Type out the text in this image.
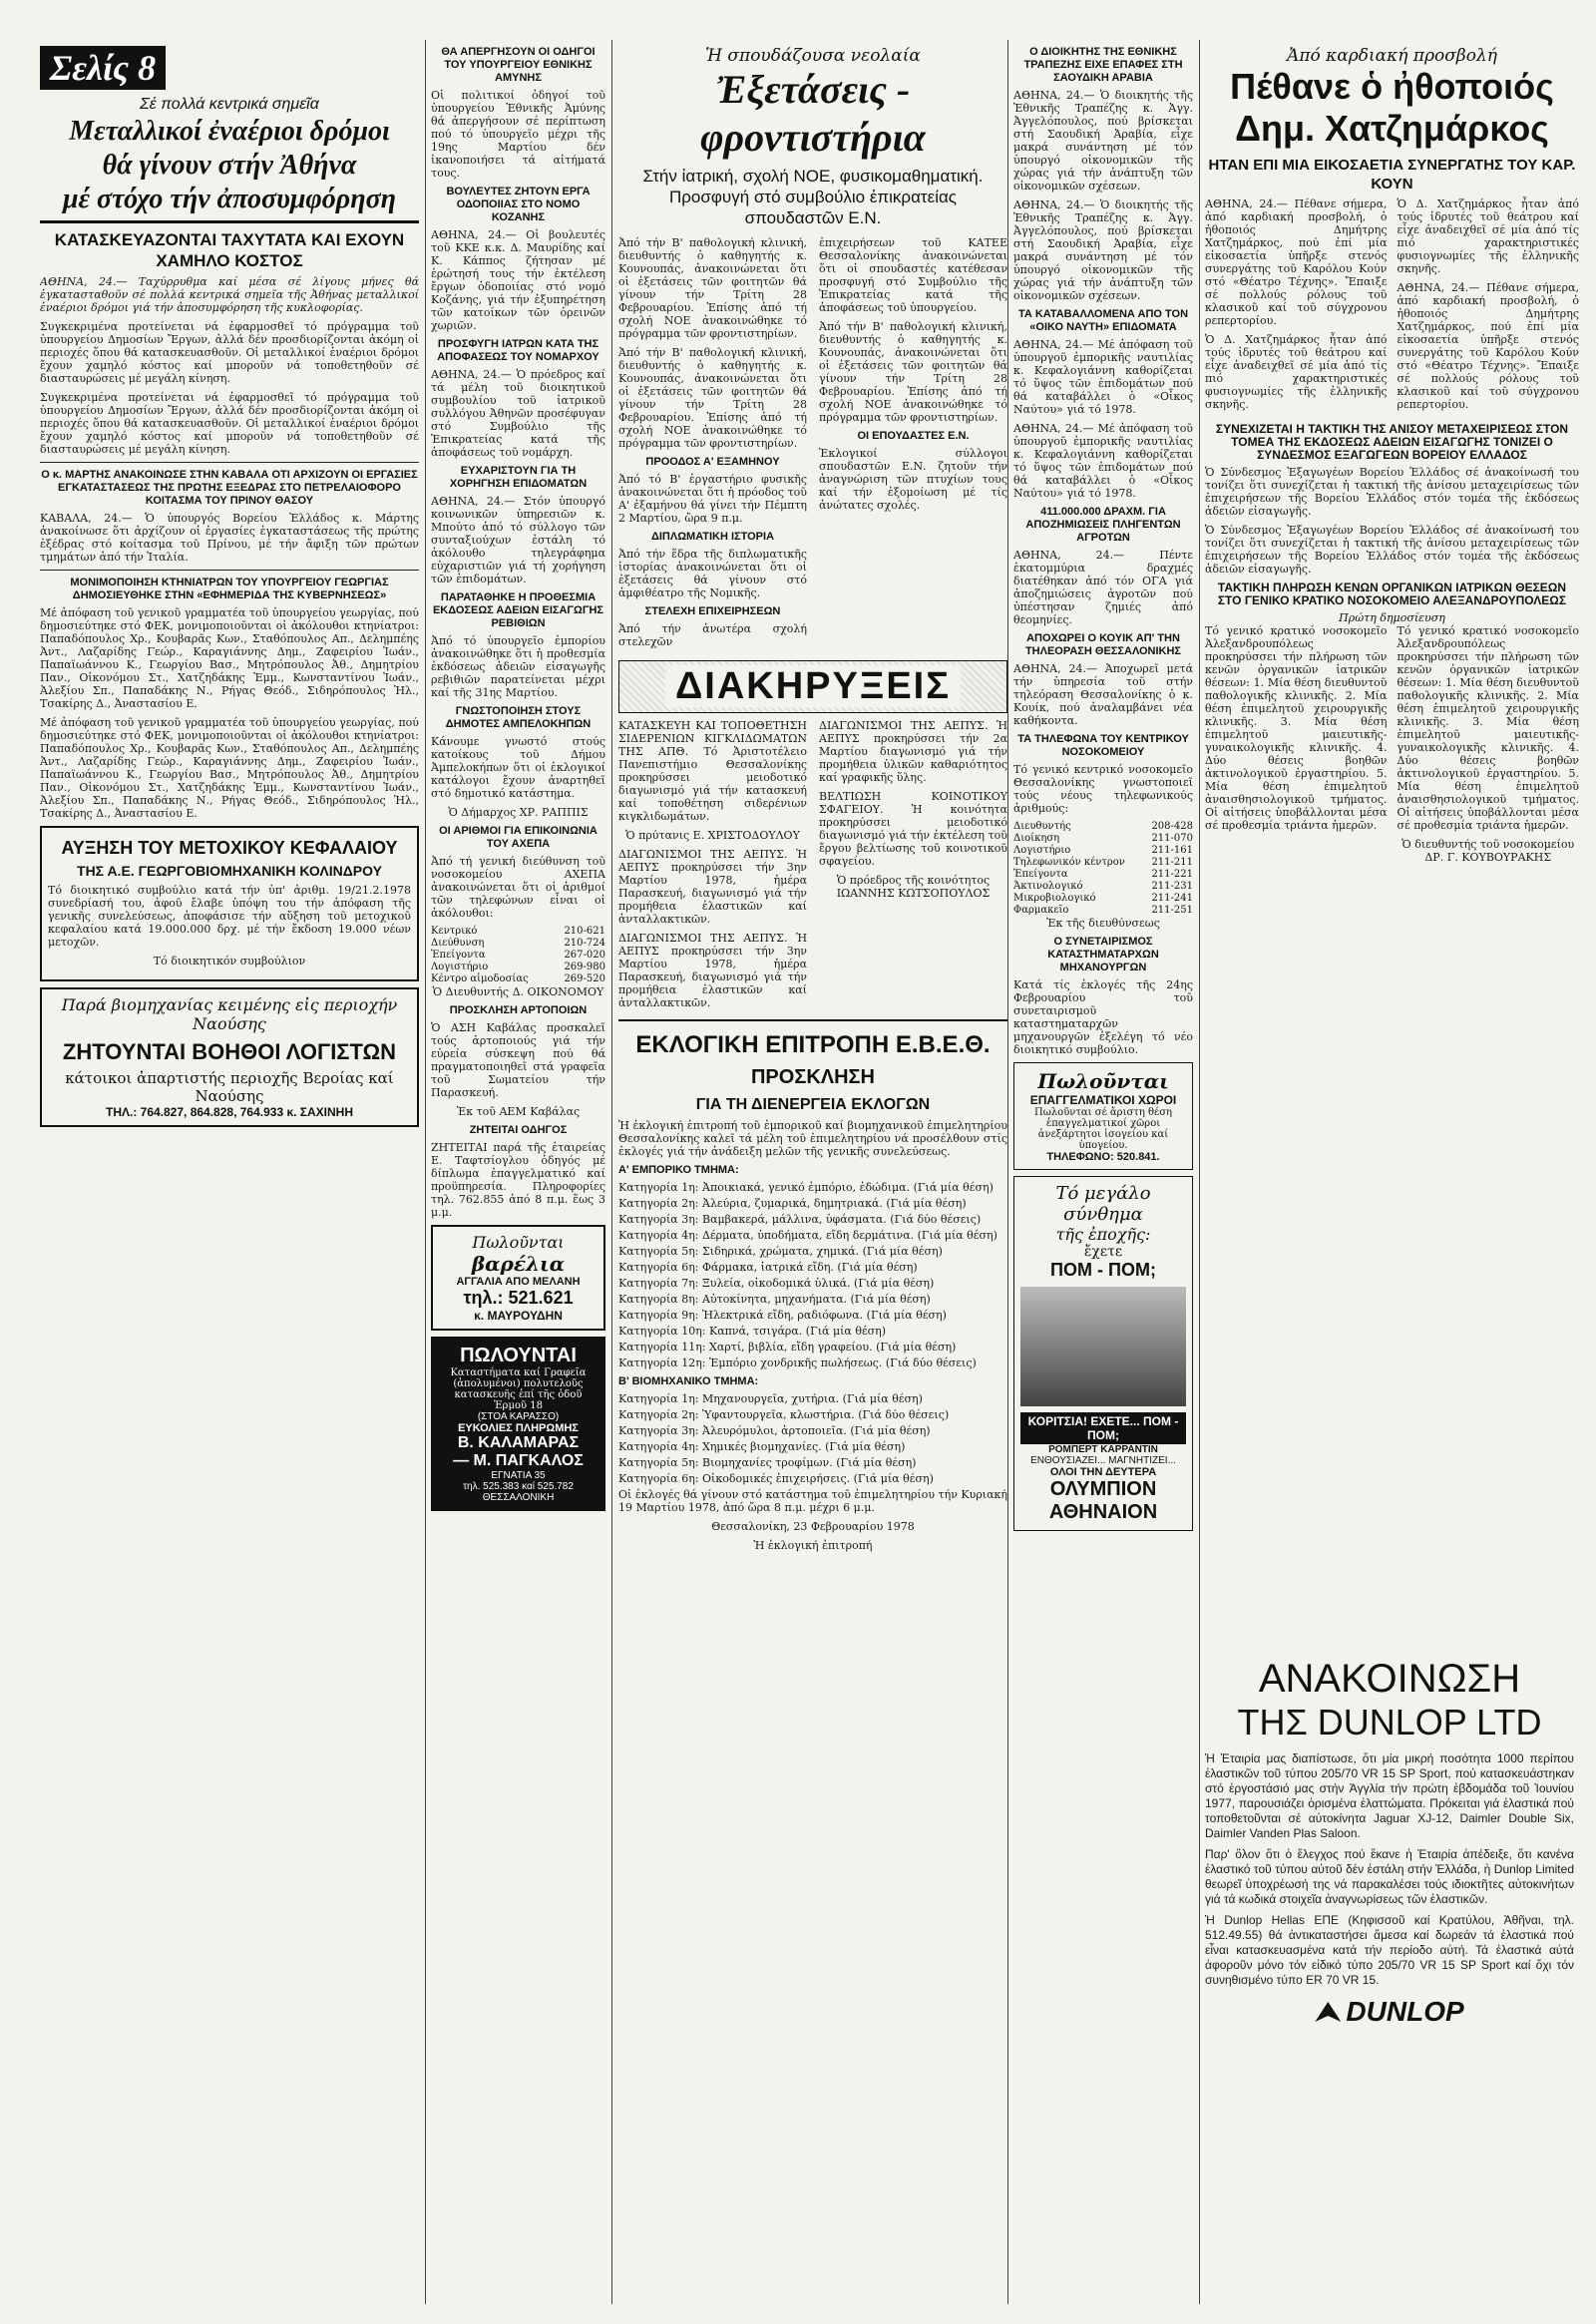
Σελίς 8
Σέ πολλά κεντρικά σημεῖα
Μεταλλικοί ἐναέριοι δρόμοι
θά γίνουν στήν Ἀθήνα
μέ στόχο τήν ἀποσυμφόρηση
ΚΑΤΑΣΚΕΥΑΖΟΝΤΑΙ ΤΑΧΥΤΑΤΑ ΚΑΙ ΕΧΟΥΝ ΧΑΜΗΛΟ ΚΟΣΤΟΣ

ΑΘΗΝΑ, 24.— Ταχύρρυθμα καί μέσα σέ λίγους μήνες θά ἐγκατασταθοῦν σέ πολλά κεντρικά σημεῖα τῆς Ἀθήνας μεταλλικοί ἐναέριοι δρόμοι γιά τήν ἀποσυμφόρηση τῆς κυκλοφορίας.

Συγκεκριμένα προτείνεται νά ἐφαρμοσθεῖ τό πρόγραμμα τοῦ ὑπουργείου Δημοσίων Ἔργων, ἀλλά δέν προσδιορίζονται ἀκόμη οἱ περιοχές ὅπου θά κατασκευασθοῦν. Οἱ μεταλλικοί ἐναέριοι δρόμοι ἔχουν χαμηλό κόστος καί μποροῦν νά τοποθετηθοῦν σέ διασταυρώσεις μέ μεγάλη κίνηση.

Συγκεκριμένα προτείνεται νά ἐφαρμοσθεῖ τό πρόγραμμα τοῦ ὑπουργείου Δημοσίων Ἔργων, ἀλλά δέν προσδιορίζονται ἀκόμη οἱ περιοχές ὅπου θά κατασκευασθοῦν. Οἱ μεταλλικοί ἐναέριοι δρόμοι ἔχουν χαμηλό κόστος καί μποροῦν νά τοποθετηθοῦν σέ διασταυρώσεις μέ μεγάλη κίνηση.

Ο κ. ΜΑΡΤΗΣ ΑΝΑΚΟΙΝΩΣΕ ΣΤΗΝ ΚΑΒΑΛΑ ΟΤΙ ΑΡΧΙΖΟΥΝ ΟΙ ΕΡΓΑΣΙΕΣ ΕΓΚΑΤΑΣΤΑΣΕΩΣ ΤΗΣ ΠΡΩΤΗΣ ΕΞΕΔΡΑΣ ΣΤΟ ΠΕΤΡΕΛΑΙΟΦΟΡΟ ΚΟΙΤΑΣΜΑ ΤΟΥ ΠΡΙΝΟΥ ΘΑΣΟΥ

ΚΑΒΑΛΑ, 24.— Ὁ ὑπουργός Βορείου Ἑλλάδος κ. Μάρτης ἀνακοίνωσε ὅτι ἀρχίζουν οἱ ἐργασίες ἐγκαταστάσεως τῆς πρώτης ἐξέδρας στό κοίτασμα τοῦ Πρίνου, μέ τήν ἄφιξη τῶν πρώτων τμημάτων ἀπό τήν Ἰταλία.

ΜΟΝΙΜΟΠΟΙΗΣΗ ΚΤΗΝΙΑΤΡΩΝ ΤΟΥ ΥΠΟΥΡΓΕΙΟΥ ΓΕΩΡΓΙΑΣ ΔΗΜΟΣΙΕΥΘΗΚΕ ΣΤΗΝ «ΕΦΗΜΕΡΙΔΑ ΤΗΣ ΚΥΒΕΡΝΗΣΕΩΣ»

Μέ ἀπόφαση τοῦ γενικοῦ γραμματέα τοῦ ὑπουργείου γεωργίας, πού δημοσιεύτηκε στό ΦΕΚ, μονιμοποιοῦνται οἱ ἀκόλουθοι κτηνίατροι: Παπαδόπουλος Χρ., Κουβαρᾶς Κων., Σταθόπουλος Απ., Δελημπέης Ἀντ., Λαζαρίδης Γεώρ., Καραγιάννης Δημ., Ζαφειρίου Ἰωάν., Παπαϊωάννου Κ., Γεωργίου Βασ., Μητρόπουλος Ἀθ., Δημητρίου Παν., Οἰκονόμου Στ., Χατζηδάκης Ἐμμ., Κωνσταντίνου Ἰωάν., Ἀλεξίου Σπ., Παπαδάκης Ν., Ρήγας Θεόδ., Σιδηρόπουλος Ἠλ., Τσακίρης Δ., Ἀναστασίου Ε.

Μέ ἀπόφαση τοῦ γενικοῦ γραμματέα τοῦ ὑπουργείου γεωργίας, πού δημοσιεύτηκε στό ΦΕΚ, μονιμοποιοῦνται οἱ ἀκόλουθοι κτηνίατροι: Παπαδόπουλος Χρ., Κουβαρᾶς Κων., Σταθόπουλος Απ., Δελημπέης Ἀντ., Λαζαρίδης Γεώρ., Καραγιάννης Δημ., Ζαφειρίου Ἰωάν., Παπαϊωάννου Κ., Γεωργίου Βασ., Μητρόπουλος Ἀθ., Δημητρίου Παν., Οἰκονόμου Στ., Χατζηδάκης Ἐμμ., Κωνσταντίνου Ἰωάν., Ἀλεξίου Σπ., Παπαδάκης Ν., Ρήγας Θεόδ., Σιδηρόπουλος Ἠλ., Τσακίρης Δ., Ἀναστασίου Ε.

ΑΥΞΗΣΗ ΤΟΥ ΜΕΤΟΧΙΚΟΥ ΚΕΦΑΛΑΙΟΥ
ΤΗΣ Α.Ε. ΓΕΩΡΓΟΒΙΟΜΗΧΑΝΙΚΗ ΚΟΛΙΝΔΡΟΥ

Τό διοικητικό συμβούλιο κατά τήν ὑπ' ἀριθμ. 19/21.2.1978 συνεδρίασή του, ἀφοῦ ἔλαβε ὑπόψη του τήν ἀπόφαση τῆς γενικῆς συνελεύσεως, ἀποφάσισε τήν αὔξηση τοῦ μετοχικοῦ κεφαλαίου κατά 19.000.000 δρχ. μέ τήν ἔκδοση 19.000 νέων μετοχῶν.

Τό διοικητικόν συμβούλιον

Παρά βιομηχανίας κειμένης εἰς περιοχήν Ναούσης
ΖΗΤΟΥΝΤΑΙ ΒΟΗΘΟΙ ΛΟΓΙΣΤΩΝ
κάτοικοι ἀπαρτιστής περιοχῆς Βεροίας καί Ναούσης
ΤΗΛ.: 764.827, 864.828, 764.933 κ. ΣΑΧΙΝΗΗ
ΘΑ ΑΠΕΡΓΗΣΟΥΝ ΟΙ ΟΔΗΓΟΙ ΤΟΥ ΥΠΟΥΡΓΕΙΟΥ ΕΘΝΙΚΗΣ ΑΜΥΝΗΣ

Οἱ πολιτικοί ὁδηγοί τοῦ ὑπουργείου Ἐθνικῆς Ἀμύνης θά ἀπεργήσουν σέ περίπτωση πού τό ὑπουργεῖο μέχρι τῆς 19ης Μαρτίου δέν ἱκανοποιήσει τά αἰτήματά τους.

ΒΟΥΛΕΥΤΕΣ ΖΗΤΟΥΝ ΕΡΓΑ ΟΔΟΠΟΙΙΑΣ ΣΤΟ ΝΟΜΟ ΚΟΖΑΝΗΣ

ΑΘΗΝΑ, 24.— Οἱ βουλευτές τοῦ ΚΚΕ κ.κ. Δ. Μαυρίδης καί Κ. Κάππος ζήτησαν μέ ἐρώτησή τους τήν ἐκτέλεση ἔργων ὁδοποιίας στό νομό Κοζάνης, γιά τήν ἐξυπηρέτηση τῶν κατοίκων τῶν ὀρεινῶν χωριῶν.

ΠΡΟΣΦΥΓΗ ΙΑΤΡΩΝ ΚΑΤΑ ΤΗΣ ΑΠΟΦΑΣΕΩΣ ΤΟΥ ΝΟΜΑΡΧΟΥ

ΑΘΗΝΑ, 24.— Ὁ πρόεδρος καί τά μέλη τοῦ διοικητικοῦ συμβουλίου τοῦ ἰατρικοῦ συλλόγου Ἀθηνῶν προσέφυγαν στό Συμβούλιο τῆς Ἐπικρατείας κατά τῆς ἀποφάσεως τοῦ νομάρχη.

ΕΥΧΑΡΙΣΤΟΥΝ ΓΙΑ ΤΗ ΧΟΡΗΓΗΣΗ ΕΠΙΔΟΜΑΤΩΝ

ΑΘΗΝΑ, 24.— Στόν ὑπουργό κοινωνικῶν ὑπηρεσιῶν κ. Μπούτο ἀπό τό σύλλογο τῶν συνταξιούχων ἐστάλη τό ἀκόλουθο τηλεγράφημα εὐχαριστιῶν γιά τή χορήγηση τῶν ἐπιδομάτων.

ΠΑΡΑΤΑΘΗΚΕ Η ΠΡΟΘΕΣΜΙΑ ΕΚΔΟΣΕΩΣ ΑΔΕΙΩΝ ΕΙΣΑΓΩΓΗΣ ΡΕΒΙΘΙΩΝ

Ἀπό τό ὑπουργεῖο ἐμπορίου ἀνακοινώθηκε ὅτι ἡ προθεσμία ἐκδόσεως ἀδειῶν εἰσαγωγῆς ρεβιθιῶν παρατείνεται μέχρι καί τῆς 31ης Μαρτίου.

ΓΝΩΣΤΟΠΟΙΗΣΗ ΣΤΟΥΣ ΔΗΜΟΤΕΣ ΑΜΠΕΛΟΚΗΠΩΝ

Κάνουμε γνωστό στούς κατοίκους τοῦ Δήμου Ἀμπελοκήπων ὅτι οἱ ἐκλογικοί κατάλογοι ἔχουν ἀναρτηθεῖ στό δημοτικό κατάστημα.

Ὁ Δήμαρχος ΧΡ. ΡΑΠΠΙΣ

ΟΙ ΑΡΙΘΜΟΙ ΓΙΑ ΕΠΙΚΟΙΝΩΝΙΑ ΤΟΥ ΑΧΕΠΑ

Ἀπό τή γενική διεύθυνση τοῦ νοσοκομείου ΑΧΕΠΑ ἀνακοινώνεται ὅτι οἱ ἀριθμοί τῶν τηλεφώνων εἶναι οἱ ἀκόλουθοι:

Κεντρικό	210-621
Διεύθυνση	210-724
Ἐπείγοντα	267-020
Λογιστήριο	269-980
Κέντρο αἱμοδοσίας	269-520

Ὁ Διευθυντής Δ. ΟΙΚΟΝΟΜΟΥ

ΠΡΟΣΚΛΗΣΗ ΑΡΤΟΠΟΙΩΝ

Ὁ ΑΣΗ Καβάλας προσκαλεῖ τούς ἀρτοποιούς γιά τήν εὐρεία σύσκεψη πού θά πραγματοποιηθεῖ στά γραφεῖα τοῦ Σωματείου τήν Παρασκευή.

Ἐκ τοῦ ΑΕΜ Καβάλας

ΖΗΤΕΙΤΑΙ ΟΔΗΓΟΣ

ΖΗΤΕΙΤΑΙ παρά τῆς ἑταιρείας Ε. Ταφτσίογλου ὁδηγός μέ δίπλωμα ἐπαγγελματικό καί προϋπηρεσία. Πληροφορίες τηλ. 762.855 ἀπό 8 π.μ. ἕως 3 μ.μ.

Πωλοῦνται
βαρέλια
ΑΓΓΑΛΙΑ ΑΠΟ ΜΕΛΑΝΗ
τηλ.: 521.621
κ. ΜΑΥΡΟΥΔΗΝ
ΠΩΛΟΥΝΤΑΙ
Καταστήματα καί Γραφεῖα (ἀπολυμένοι) πολυτελοῦς κατασκευῆς ἐπί τῆς ὁδοῦ Ἐρμοῦ 18
(ΣΤΟΑ ΚΑΡΑΣΣΟ)
ΕΥΚΟΛΙΕΣ ΠΛΗΡΩΜΗΣ
Β. ΚΑΛΑΜΑΡΑΣ
— Μ. ΠΑΓΚΑΛΟΣ
ΕΓΝΑΤΙΑ 35
τηλ. 525.383 καί 525.782
ΘΕΣΣΑΛΟΝΙΚΗ
Ἡ σπουδάζουσα νεολαία
Ἐξετάσεις - φροντιστήρια
Στήν ἰατρική, σχολή ΝΟΕ, φυσικομαθηματική. Προσφυγή στό συμβούλιο ἐπικρατείας σπουδαστῶν Ε.Ν.

Ἀπό τήν Β' παθολογική κλινική, διευθυντής ὁ καθηγητής κ. Κουνουπάς, ἀνακοινώνεται ὅτι οἱ ἐξετάσεις τῶν φοιτητῶν θά γίνουν τήν Τρίτη 28 Φεβρουαρίου. Ἐπίσης ἀπό τή σχολή ΝΟΕ ἀνακοινώθηκε τό πρόγραμμα τῶν φροντιστηρίων.

Ἀπό τήν Β' παθολογική κλινική, διευθυντής ὁ καθηγητής κ. Κουνουπάς, ἀνακοινώνεται ὅτι οἱ ἐξετάσεις τῶν φοιτητῶν θά γίνουν τήν Τρίτη 28 Φεβρουαρίου. Ἐπίσης ἀπό τή σχολή ΝΟΕ ἀνακοινώθηκε τό πρόγραμμα τῶν φροντιστηρίων.

ΠΡΟΟΔΟΣ Α' ΕΞΑΜΗΝΟΥ

Ἀπό τό Β' ἐργαστήριο φυσικῆς ἀνακοινώνεται ὅτι ἡ πρόοδος τοῦ Α' ἐξαμήνου θά γίνει τήν Πέμπτη 2 Μαρτίου, ὥρα 9 π.μ.

ΔΙΠΛΩΜΑΤΙΚΗ ΙΣΤΟΡΙΑ

Ἀπό τήν ἕδρα τῆς διπλωματικῆς ἱστορίας ἀνακοινώνεται ὅτι οἱ ἐξετάσεις θά γίνουν στό ἀμφιθέατρο τῆς Νομικῆς.

ΣΤΕΛΕΧΗ ΕΠΙΧΕΙΡΗΣΕΩΝ

Ἀπό τήν ἀνωτέρα σχολή στελεχῶν

ἐπιχειρήσεων τοῦ ΚΑΤΕΕ Θεσσαλονίκης ἀνακοινώνεται ὅτι οἱ σπουδαστές κατέθεσαν προσφυγή στό Συμβούλιο τῆς Ἐπικρατείας κατά τῆς ἀποφάσεως τοῦ ὑπουργείου.

Ἀπό τήν Β' παθολογική κλινική, διευθυντής ὁ καθηγητής κ. Κουνουπάς, ἀνακοινώνεται ὅτι οἱ ἐξετάσεις τῶν φοιτητῶν θά γίνουν τήν Τρίτη 28 Φεβρουαρίου. Ἐπίσης ἀπό τή σχολή ΝΟΕ ἀνακοινώθηκε τό πρόγραμμα τῶν φροντιστηρίων.

ΟΙ ΕΠΟΥΔΑΣΤΕΣ Ε.Ν.

Ἐκλογικοί σύλλογοι σπουδαστῶν Ε.Ν. ζητοῦν τήν ἀναγνώριση τῶν πτυχίων τους καί τήν ἐξομοίωση μέ τίς ἀνώτατες σχολές.

ΔΙΑΚΗΡΥΞΕΙΣ

ΚΑΤΑΣΚΕΥΗ ΚΑΙ ΤΟΠΟΘΕΤΗΣΗ ΣΙΔΕΡΕΝΙΩΝ ΚΙΓΚΛΙΔΩΜΑΤΩΝ ΤΗΣ ΑΠΘ. Τό Ἀριστοτέλειο Πανεπιστήμιο Θεσσαλονίκης προκηρύσσει μειοδοτικό διαγωνισμό γιά τήν κατασκευή καί τοποθέτηση σιδερένιων κιγκλιδωμάτων.

Ὁ πρύτανις Ε. ΧΡΙΣΤΟΔΟΥΛΟΥ

ΔΙΑΓΩΝΙΣΜΟΙ ΤΗΣ ΑΕΠΥΣ. Ἡ ΑΕΠΥΣ προκηρύσσει τήν 3ην Μαρτίου 1978, ἡμέρα Παρασκευή, διαγωνισμό γιά τήν προμήθεια ἐλαστικῶν καί ἀνταλλακτικῶν.

ΔΙΑΓΩΝΙΣΜΟΙ ΤΗΣ ΑΕΠΥΣ. Ἡ ΑΕΠΥΣ προκηρύσσει τήν 3ην Μαρτίου 1978, ἡμέρα Παρασκευή, διαγωνισμό γιά τήν προμήθεια ἐλαστικῶν καί ἀνταλλακτικῶν.

ΔΙΑΓΩΝΙΣΜΟΙ ΤΗΣ ΑΕΠΥΣ. Ἡ ΑΕΠΥΣ προκηρύσσει τήν 2α Μαρτίου διαγωνισμό γιά τήν προμήθεια ὑλικῶν καθαριότητος καί γραφικῆς ὕλης.

ΒΕΛΤΙΩΣΗ ΚΟΙΝΟΤΙΚΟΥ ΣΦΑΓΕΙΟΥ. Ἡ κοινότητα προκηρύσσει μειοδοτικό διαγωνισμό γιά τήν ἐκτέλεση τοῦ ἔργου βελτίωσης τοῦ κοινοτικοῦ σφαγείου.

Ὁ πρόεδρος τῆς κοινότητος ΙΩΑΝΝΗΣ ΚΩΤΣΟΠΟΥΛΟΣ

ΕΚΛΟΓΙΚΗ ΕΠΙΤΡΟΠΗ Ε.Β.Ε.Θ.
ΠΡΟΣΚΛΗΣΗ
ΓΙΑ ΤΗ ΔΙΕΝΕΡΓΕΙΑ ΕΚΛΟΓΩΝ

Ἡ ἐκλογική ἐπιτροπή τοῦ ἐμπορικοῦ καί βιομηχανικοῦ ἐπιμελητηρίου Θεσσαλονίκης καλεῖ τά μέλη τοῦ ἐπιμελητηρίου νά προσέλθουν στίς ἐκλογές γιά τήν ἀνάδειξη μελῶν τῆς γενικῆς συνελεύσεως.

Α' ΕΜΠΟΡΙΚΟ ΤΜΗΜΑ:
Κατηγορία 1η: Ἀποικιακά, γενικό ἐμπόριο, ἐδώδιμα. (Γιά μία θέση)
Κατηγορία 2η: Ἀλεύρια, ζυμαρικά, δημητριακά. (Γιά μία θέση)
Κατηγορία 3η: Βαμβακερά, μάλλινα, ὑφάσματα. (Γιά δύο θέσεις)
Κατηγορία 4η: Δέρματα, ὑποδήματα, εἴδη δερμάτινα. (Γιά μία θέση)
Κατηγορία 5η: Σιδηρικά, χρώματα, χημικά. (Γιά μία θέση)
Κατηγορία 6η: Φάρμακα, ἰατρικά εἴδη. (Γιά μία θέση)
Κατηγορία 7η: Ξυλεία, οἰκοδομικά ὑλικά. (Γιά μία θέση)
Κατηγορία 8η: Αὐτοκίνητα, μηχανήματα. (Γιά μία θέση)
Κατηγορία 9η: Ἠλεκτρικά εἴδη, ραδιόφωνα. (Γιά μία θέση)
Κατηγορία 10η: Καπνά, τσιγάρα. (Γιά μία θέση)
Κατηγορία 11η: Χαρτί, βιβλία, εἴδη γραφείου. (Γιά μία θέση)
Κατηγορία 12η: Ἐμπόριο χονδρικῆς πωλήσεως. (Γιά δύο θέσεις)
Β' ΒΙΟΜΗΧΑΝΙΚΟ ΤΜΗΜΑ:
Κατηγορία 1η: Μηχανουργεῖα, χυτήρια. (Γιά μία θέση)
Κατηγορία 2η: Ὑφαντουργεῖα, κλωστήρια. (Γιά δύο θέσεις)
Κατηγορία 3η: Ἀλευρόμυλοι, ἀρτοποιεῖα. (Γιά μία θέση)
Κατηγορία 4η: Χημικές βιομηχανίες. (Γιά μία θέση)
Κατηγορία 5η: Βιομηχανίες τροφίμων. (Γιά μία θέση)
Κατηγορία 6η: Οἰκοδομικές ἐπιχειρήσεις. (Γιά μία θέση)

Οἱ ἐκλογές θά γίνουν στό κατάστημα τοῦ ἐπιμελητηρίου τήν Κυριακή 19 Μαρτίου 1978, ἀπό ὥρα 8 π.μ. μέχρι 6 μ.μ.

Θεσσαλονίκη, 23 Φεβρουαρίου 1978

Ἡ ἐκλογική ἐπιτροπή

Ο ΔΙΟΙΚΗΤΗΣ ΤΗΣ ΕΘΝΙΚΗΣ ΤΡΑΠΕΖΗΣ ΕΙΧΕ ΕΠΑΦΕΣ ΣΤΗ ΣΑΟΥΔΙΚΗ ΑΡΑΒΙΑ

ΑΘΗΝΑ, 24.— Ὁ διοικητής τῆς Ἐθνικῆς Τραπέζης κ. Ἀγγ. Ἀγγελόπουλος, πού βρίσκεται στή Σαουδική Ἀραβία, εἶχε μακρά συνάντηση μέ τόν ὑπουργό οἰκονομικῶν τῆς χώρας γιά τήν ἀνάπτυξη τῶν οἰκονομικῶν σχέσεων.

ΑΘΗΝΑ, 24.— Ὁ διοικητής τῆς Ἐθνικῆς Τραπέζης κ. Ἀγγ. Ἀγγελόπουλος, πού βρίσκεται στή Σαουδική Ἀραβία, εἶχε μακρά συνάντηση μέ τόν ὑπουργό οἰκονομικῶν τῆς χώρας γιά τήν ἀνάπτυξη τῶν οἰκονομικῶν σχέσεων.

ΤΑ ΚΑΤΑΒΑΛΛΟΜΕΝΑ ΑΠΟ ΤΟΝ «ΟΙΚΟ ΝΑΥΤΗ» ΕΠΙΔΟΜΑΤΑ

ΑΘΗΝΑ, 24.— Μέ ἀπόφαση τοῦ ὑπουργοῦ ἐμπορικῆς ναυτιλίας κ. Κεφαλογιάννη καθορίζεται τό ὕψος τῶν ἐπιδομάτων πού θά καταβάλλει ὁ «Οἶκος Ναύτου» γιά τό 1978.

ΑΘΗΝΑ, 24.— Μέ ἀπόφαση τοῦ ὑπουργοῦ ἐμπορικῆς ναυτιλίας κ. Κεφαλογιάννη καθορίζεται τό ὕψος τῶν ἐπιδομάτων πού θά καταβάλλει ὁ «Οἶκος Ναύτου» γιά τό 1978.

411.000.000 ΔΡΑΧΜ. ΓΙΑ ΑΠΟΖΗΜΙΩΣΕΙΣ ΠΛΗΓΕΝΤΩΝ ΑΓΡΟΤΩΝ

ΑΘΗΝΑ, 24.— Πέντε ἑκατομμύρια δραχμές διατέθηκαν ἀπό τόν ΟΓΑ γιά ἀποζημιώσεις ἀγροτῶν πού ὑπέστησαν ζημιές ἀπό θεομηνίες.

ΑΠΟΧΩΡΕΙ Ο ΚΟΥΙΚ ΑΠ' ΤΗΝ ΤΗΛΕΟΡΑΣΗ ΘΕΣΣΑΛΟΝΙΚΗΣ

ΑΘΗΝΑ, 24.— Ἀποχωρεῖ μετά τήν ὑπηρεσία τοῦ στήν τηλεόραση Θεσσαλονίκης ὁ κ. Κουίκ, πού ἀναλαμβάνει νέα καθήκοντα.

ΤΑ ΤΗΛΕΦΩΝΑ ΤΟΥ ΚΕΝΤΡΙΚΟΥ ΝΟΣΟΚΟΜΕΙΟΥ

Τό γενικό κεντρικό νοσοκομεῖο Θεσσαλονίκης γνωστοποιεῖ τούς νέους τηλεφωνικούς ἀριθμούς:

Διευθυντής	208-428
Διοίκηση	211-070
Λογιστήριο	211-161
Τηλεφωνικόν κέντρον	211-211
Ἐπείγοντα	211-221
Ἀκτινολογικό	211-231
Μικροβιολογικό	211-241
Φαρμακεῖο	211-251

Ἐκ τῆς διευθύνσεως

Ο ΣΥΝΕΤΑΙΡΙΣΜΟΣ ΚΑΤΑΣΤΗΜΑΤΑΡΧΩΝ ΜΗΧΑΝΟΥΡΓΩΝ

Κατά τίς ἐκλογές τῆς 24ης Φεβρουαρίου τοῦ συνεταιρισμοῦ καταστηματαρχῶν μηχανουργῶν ἐξελέγη τό νέο διοικητικό συμβούλιο.

Πωλοῦνται
ΕΠΑΓΓΕΛΜΑΤΙΚΟΙ ΧΩΡΟΙ
Πωλοῦνται σέ ἄριστη θέση ἐπαγγελματικοί χῶροι ἀνεξάρτητοι ἰσογείου καί ὑπογείου.
ΤΗΛΕΦΩΝΟ: 520.841.
Τό μεγάλο σύνθημα
τῆς ἐποχῆς:
ἔχετε
ΠΟΜ - ΠΟΜ;
ΚΟΡΙΤΣΙΑ! ΕΧΕΤΕ... ΠΟΜ - ΠΟΜ;
ΡΟΜΠΕΡΤ ΚΑΡΡΑΝΤΙΝ
ΕΝΘΟΥΣΙΑΖΕΙ... ΜΑΓΝΗΤΙΖΕΙ...
ΟΛΟΙ ΤΗΝ ΔΕΥΤΕΡΑ
ΟΛΥΜΠΙΟΝ
ΑΘΗΝΑΙΟΝ
Ἀπό καρδιακή προσβολή
Πέθανε ὁ ἠθοποιός
Δημ. Χατζημάρκος
ΗΤΑΝ ΕΠΙ ΜΙΑ ΕΙΚΟΣΑΕΤΙΑ ΣΥΝΕΡΓΑΤΗΣ ΤΟΥ ΚΑΡ. ΚΟΥΝ

ΑΘΗΝΑ, 24.— Πέθανε σήμερα, ἀπό καρδιακή προσβολή, ὁ ἠθοποιός Δημήτρης Χατζημάρκος, πού ἐπί μία εἰκοσαετία ὑπῆρξε στενός συνεργάτης τοῦ Καρόλου Κούν στό «Θέατρο Τέχνης». Ἔπαιξε σέ πολλούς ρόλους τοῦ κλασικοῦ καί τοῦ σύγχρονου ρεπερτορίου.

Ὁ Δ. Χατζημάρκος ἦταν ἀπό τούς ἱδρυτές τοῦ θεάτρου καί εἶχε ἀναδειχθεῖ σέ μία ἀπό τίς πιό χαρακτηριστικές φυσιογνωμίες τῆς ἑλληνικῆς σκηνῆς.

Ὁ Δ. Χατζημάρκος ἦταν ἀπό τούς ἱδρυτές τοῦ θεάτρου καί εἶχε ἀναδειχθεῖ σέ μία ἀπό τίς πιό χαρακτηριστικές φυσιογνωμίες τῆς ἑλληνικῆς σκηνῆς.

ΑΘΗΝΑ, 24.— Πέθανε σήμερα, ἀπό καρδιακή προσβολή, ὁ ἠθοποιός Δημήτρης Χατζημάρκος, πού ἐπί μία εἰκοσαετία ὑπῆρξε στενός συνεργάτης τοῦ Καρόλου Κούν στό «Θέατρο Τέχνης». Ἔπαιξε σέ πολλούς ρόλους τοῦ κλασικοῦ καί τοῦ σύγχρονου ρεπερτορίου.

ΣΥΝΕΧΙΖΕΤΑΙ Η ΤΑΚΤΙΚΗ ΤΗΣ ΑΝΙΣΟΥ ΜΕΤΑΧΕΙΡΙΣΕΩΣ ΣΤΟΝ ΤΟΜΕΑ ΤΗΣ ΕΚΔΟΣΕΩΣ ΑΔΕΙΩΝ ΕΙΣΑΓΩΓΗΣ ΤΟΝΙΖΕΙ Ο ΣΥΝΔΕΣΜΟΣ ΕΞΑΓΩΓΕΩΝ ΒΟΡΕΙΟΥ ΕΛΛΑΔΟΣ

Ὁ Σύνδεσμος Ἐξαγωγέων Βορείου Ἑλλάδος σέ ἀνακοίνωσή του τονίζει ὅτι συνεχίζεται ἡ τακτική τῆς ἀνίσου μεταχειρίσεως τῶν ἐπιχειρήσεων τῆς Βορείου Ἑλλάδος στόν τομέα τῆς ἐκδόσεως ἀδειῶν εἰσαγωγῆς.

Ὁ Σύνδεσμος Ἐξαγωγέων Βορείου Ἑλλάδος σέ ἀνακοίνωσή του τονίζει ὅτι συνεχίζεται ἡ τακτική τῆς ἀνίσου μεταχειρίσεως τῶν ἐπιχειρήσεων τῆς Βορείου Ἑλλάδος στόν τομέα τῆς ἐκδόσεως ἀδειῶν εἰσαγωγῆς.

ΤΑΚΤΙΚΗ ΠΛΗΡΩΣΗ ΚΕΝΩΝ ΟΡΓΑΝΙΚΩΝ ΙΑΤΡΙΚΩΝ ΘΕΣΕΩΝ ΣΤΟ ΓΕΝΙΚΟ ΚΡΑΤΙΚΟ ΝΟΣΟΚΟΜΕΙΟ ΑΛΕΞΑΝΔΡΟΥΠΟΛΕΩΣ
Πρώτη δημοσίευση

Τό γενικό κρατικό νοσοκομεῖο Ἀλεξανδρουπόλεως προκηρύσσει τήν πλήρωση τῶν κενῶν ὀργανικῶν ἰατρικῶν θέσεων: 1. Μία θέση διευθυντοῦ παθολογικῆς κλινικῆς. 2. Μία θέση ἐπιμελητοῦ χειρουργικῆς κλινικῆς. 3. Μία θέση ἐπιμελητοῦ μαιευτικῆς-γυναικολογικῆς κλινικῆς. 4. Δύο θέσεις βοηθῶν ἀκτινολογικοῦ ἐργαστηρίου. 5. Μία θέση ἐπιμελητοῦ ἀναισθησιολογικοῦ τμήματος. Οἱ αἰτήσεις ὑποβάλλονται μέσα σέ προθεσμία τριάντα ἡμερῶν.

Τό γενικό κρατικό νοσοκομεῖο Ἀλεξανδρουπόλεως προκηρύσσει τήν πλήρωση τῶν κενῶν ὀργανικῶν ἰατρικῶν θέσεων: 1. Μία θέση διευθυντοῦ παθολογικῆς κλινικῆς. 2. Μία θέση ἐπιμελητοῦ χειρουργικῆς κλινικῆς. 3. Μία θέση ἐπιμελητοῦ μαιευτικῆς-γυναικολογικῆς κλινικῆς. 4. Δύο θέσεις βοηθῶν ἀκτινολογικοῦ ἐργαστηρίου. 5. Μία θέση ἐπιμελητοῦ ἀναισθησιολογικοῦ τμήματος. Οἱ αἰτήσεις ὑποβάλλονται μέσα σέ προθεσμία τριάντα ἡμερῶν.

Ὁ διευθυντής τοῦ νοσοκομείου ΔΡ. Γ. ΚΟΥΒΟΥΡΑΚΗΣ

ΑΝΑΚΟΙΝΩΣΗ
ΤΗΣ DUNLOP LTD

Ἡ Ἑταιρία μας διαπίστωσε, ὅτι μία μικρή ποσότητα 1000 περίπου ἐλαστικῶν τοῦ τύπου 205/70 VR 15 SP Sport, πού κατασκευάστηκαν στό ἐργοστάσιό μας στήν Ἀγγλία τήν πρώτη ἑβδομάδα τοῦ Ἰουνίου 1977, παρουσιάζει ὁρισμένα ἐλαττώματα. Πρόκειται γιά ἐλαστικά πού τοποθετοῦνται σέ αὐτοκίνητα Jaguar XJ-12, Daimler Double Six, Daimler Vanden Plas Saloon.

Παρ' ὅλον ὅτι ὁ ἔλεγχος πού ἔκανε ἡ Ἑταιρία ἀπέδειξε, ὅτι κανένα ἐλαστικό τοῦ τύπου αὐτοῦ δέν ἐστάλη στήν Ἑλλάδα, ἡ Dunlop Limited θεωρεῖ ὑποχρέωσή της νά παρακαλέσει τούς ιδιοκτῆτες αὐτοκινήτων γιά τά κωδικά στοιχεῖα ἀναγνωρίσεως τῶν ἐλαστικῶν.

Ἡ Dunlop Hellas ΕΠΕ (Κηφισσοῦ καί Κρατύλου, Ἀθῆναι, τηλ. 512.49.55) θά ἀντικαταστήσει ἄμεσα καί δωρεάν τά ἐλαστικά πού εἶναι κατασκευασμένα κατά τήν περίοδο αὐτή. Τά ἐλαστικά αὐτά ἀφοροῦν μόνο τόν εἰδικό τύπο 205/70 VR 15 SP Sport καί ὄχι τόν συνηθισμένο τύπο ER 70 VR 15.

DUNLOP
